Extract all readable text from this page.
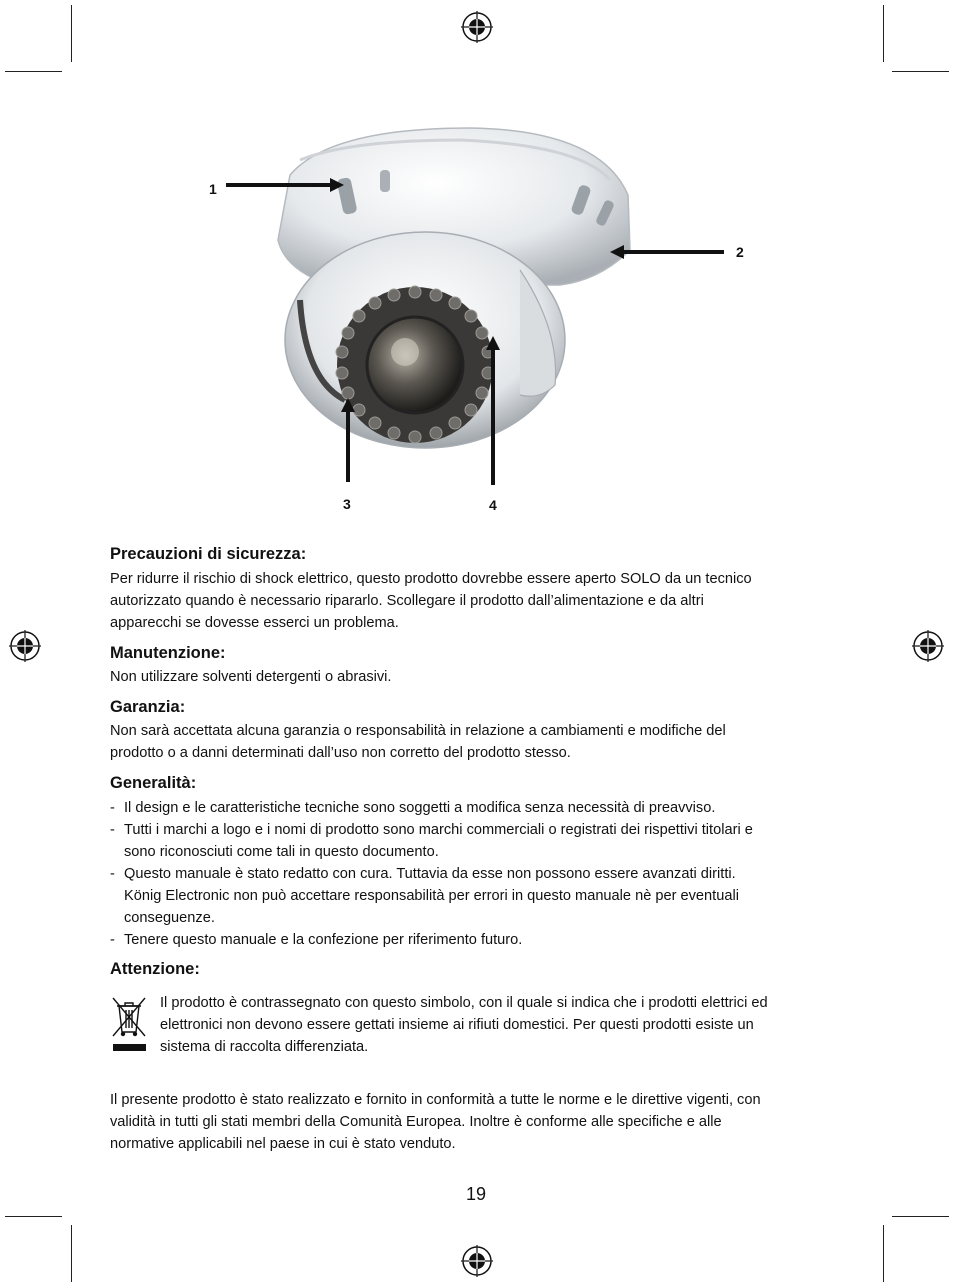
1
2
3	4
Precauzioni di sicurezza:
Per ridurre il rischio di shock elettrico, questo prodotto dovrebbe essere aperto SOLO da un tecnico
autorizzato quando è necessario ripararlo. Scollegare il prodotto dall’alimentazione e da altri
apparecchi se dovesse esserci un problema.
Manutenzione:
Non utilizzare solventi detergenti o abrasivi.
Garanzia:
Non sarà accettata alcuna garanzia o responsabilità in relazione a cambiamenti e modifiche del
prodotto o a danni determinati dall’uso non corretto del prodotto stesso.
Generalità:
- Il design e le caratteristiche tecniche sono soggetti a modifica senza necessità di preavviso.
- Tutti i marchi a logo e i nomi di prodotto sono marchi commerciali o registrati dei rispettivi titolari e
sono riconosciuti come tali in questo documento.
- Questo manuale è stato redatto con cura. Tuttavia da esse non possono essere avanzati diritti.
König Electronic non può accettare responsabilità per errori in questo manuale nè per eventuali
conseguenze.
- Tenere questo manuale e la confezione per riferimento futuro.
Attenzione:
Il prodotto è contrassegnato con questo simbolo, con il quale si indica che i prodotti elettrici ed
elettronici non devono essere gettati insieme ai rifiuti domestici. Per questi prodotti esiste un
sistema di raccolta differenziata.
Il presente prodotto è stato realizzato e fornito in conformità a tutte le norme e le direttive vigenti, con
validità in tutti gli stati membri della Comunità Europea. Inoltre è conforme alle specifiche e alle
normative applicabili nel paese in cui è stato venduto.
19
